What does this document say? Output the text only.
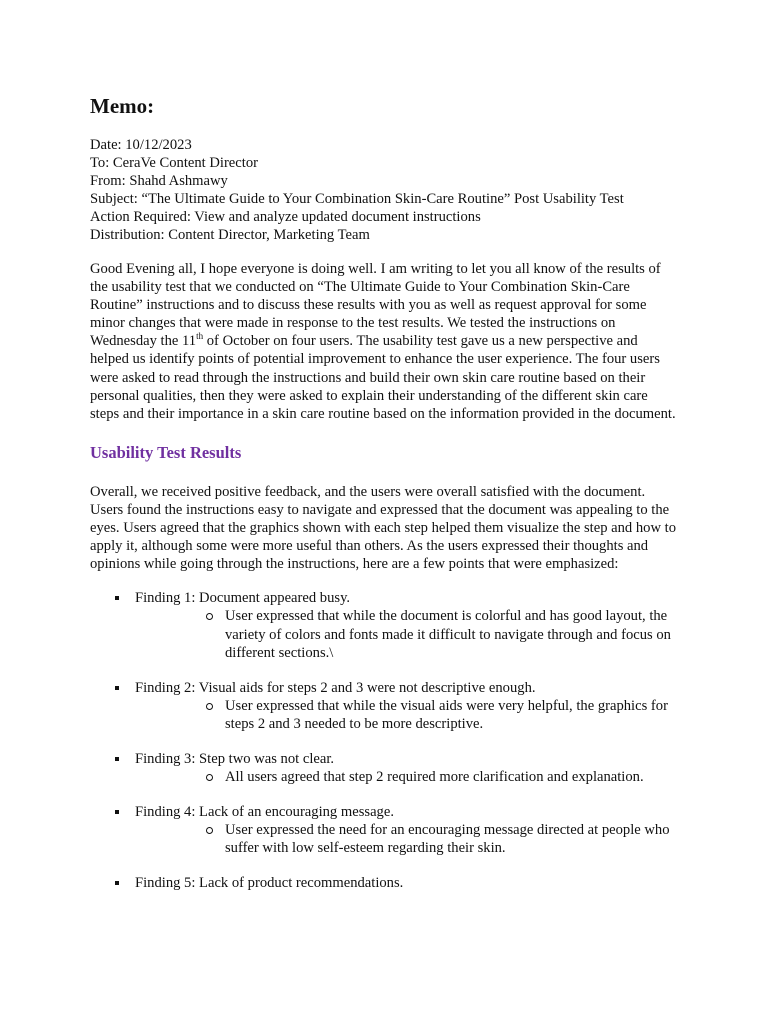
Memo:
Date: 10/12/2023
To: CeraVe Content Director
From: Shahd Ashmawy
Subject: “The Ultimate Guide to Your Combination Skin-Care Routine” Post Usability Test
Action Required: View and analyze updated document instructions
Distribution: Content Director, Marketing Team

Good Evening all, I hope everyone is doing well. I am writing to let you all know of the results of the usability test that we conducted on “The Ultimate Guide to Your Combination Skin-Care Routine” instructions and to discuss these results with you as well as request approval for some minor changes that were made in response to the test results. We tested the instructions on Wednesday the 11th of October on four users. The usability test gave us a new perspective and helped us identify points of potential improvement to enhance the user experience. The four users were asked to read through the instructions and build their own skin care routine based on their personal qualities, then they were asked to explain their understanding of the different skin care steps and their importance in a skin care routine based on the information provided in the document.

Usability Test Results

Overall, we received positive feedback, and the users were overall satisfied with the document. Users found the instructions easy to navigate and expressed that the document was appealing to the eyes. Users agreed that the graphics shown with each step helped them visualize the step and how to apply it, although some were more useful than others. As the users expressed their thoughts and opinions while going through the instructions, here are a few points that were emphasized:

Finding 1: Document appeared busy.
User expressed that while the document is colorful and has good layout, the variety of colors and fonts made it difficult to navigate through and focus on different sections.\
Finding 2: Visual aids for steps 2 and 3 were not descriptive enough.
User expressed that while the visual aids were very helpful, the graphics for steps 2 and 3 needed to be more descriptive.
Finding 3: Step two was not clear.
All users agreed that step 2 required more clarification and explanation.
Finding 4: Lack of an encouraging message.
User expressed the need for an encouraging message directed at people who suffer with low self-esteem regarding their skin.
Finding 5: Lack of product recommendations.
